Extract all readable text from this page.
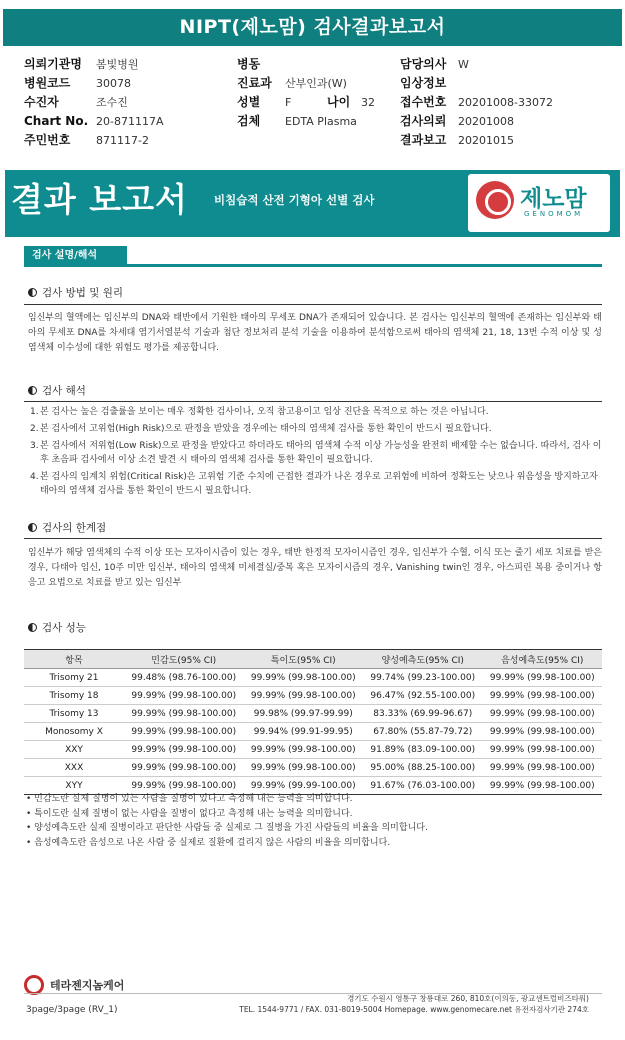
NIPT(제노맘) 검사결과보고서
의뢰기관명 봄빛병원
병원코드 30078
수진자	조수진
Chart No. 20-871117A
주민번호 871117-2
병동
진료과 산부인과(W)
성별 F	나이 32
검체 EDTA Plasma
담당의사 W
임상정보
접수번호 20201008-33072
검사의뢰 20201008
결과보고 20201015
결과 보고서 비침습적 산전 기형아 선별 검사	제노맘
GENOMOM
검사 설명/해석
검사 방법 및 원리
임신부의 혈액에는 임신부의 DNA와 태반에서 기원한 태아의 무세포 DNA가 존재되어 있습니다. 본 검사는 임신부의 혈액에 존재하는 임신부와 태아의 무세포 DNA를 차세대 염기서열분석 기술과 첨단 정보처리 분석 기술을 이용하여 분석함으로써 태아의 염색체 21, 18, 13번 수적 이상 및 성염색체 이수성에 대한 위험도 평가를 제공합니다.
검사 해석
1. 본 검사는 높은 검출률을 보이는 매우 정확한 검사이나, 오직 참고용이고 임상 진단을 목적으로 하는 것은 아닙니다.
2. 본 검사에서 고위험(High Risk)으로 판정을 받았을 경우에는 태아의 염색체 검사를 통한 확인이 반드시 필요합니다.
3. 본 검사에서 저위험(Low Risk)으로 판정을 받았다고 하더라도 태아의 염색체 수적 이상 가능성을 완전히 배제할 수는 없습니다. 따라서, 검사 이후 초음파 검사에서 이상 소견 발견 시 태아의 염색체 검사를 통한 확인이 필요합니다.
4. 본 검사의 임계치 위험(Critical Risk)은 고위험 기준 수치에 근접한 결과가 나온 경우로 고위험에 비하여 정확도는 낮으나 위음성을 방지하고자 태아의 염색체 검사를 통한 확인이 반드시 필요합니다.
검사의 한계점
임신부가 해당 염색체의 수적 이상 또는 모자이시즘이 있는 경우, 태반 한정적 모자이시즘인 경우, 임신부가 수혈, 이식 또는 줄기 세포 치료를 받은 경우, 다태아 임신, 10주 미만 임신부, 태아의 염색체 미세결실/중복 혹은 모자이시즘의 경우, Vanishing twin인 경우, 아스피린 복용 중이거나 항 응고 요법으로 치료를 받고 있는 임신부
검사 성능
항목	민감도(95% CI)	특이도(95% CI)	양성예측도(95% CI)	음성예측도(95% CI)
Trisomy 21	99.48% (98.76-100.00)	99.99% (99.98-100.00)	99.74% (99.23-100.00)	99.99% (99.98-100.00)
Trisomy 18	99.99% (99.98-100.00)	99.99% (99.98-100.00)	96.47% (92.55-100.00)	99.99% (99.98-100.00)
Trisomy 13	99.99% (99.98-100.00)	99.98% (99.97-99.99)	83.33% (69.99-96.67)	99.99% (99.98-100.00)
Monosomy X	99.99% (99.98-100.00)	99.94% (99.91-99.95)	67.80% (55.87-79.72)	99.99% (99.98-100.00)
XXY	99.99% (99.98-100.00)	99.99% (99.98-100.00)	91.89% (83.09-100.00)	99.99% (99.98-100.00)
XXX	99.99% (99.98-100.00)	99.99% (99.98-100.00)	95.00% (88.25-100.00)	99.99% (99.98-100.00)
XYY	99.99% (99.98-100.00)	99.99% (99.99-100.00)	91.67% (76.03-100.00)	99.99% (99.98-100.00)
• 민감도란 실제 질병이 있는 사람을 질병이 있다고 측정해 내는 능력을 의미합니다.
• 특이도란 실제 질병이 없는 사람을 질병이 없다고 측정해 내는 능력을 의미합니다.
• 양성예측도란 실제 질병이라고 판단한 사람들 중 실제로 그 질병을 가진 사람들의 비율을 의미합니다.
• 음성예측도란 음성으로 나온 사람 중 실제로 질환에 걸리지 않은 사람의 비율을 의미합니다.
테라젠지놈케어
3page/3page (RV_1)
경기도 수원시 영통구 창룡대로 260, 810호(이의동, 광교센트럴비즈타워)
TEL. 1544-9771 / FAX. 031-8019-5004 Homepage. www.genomecare.net 유전자검사기관 274호
